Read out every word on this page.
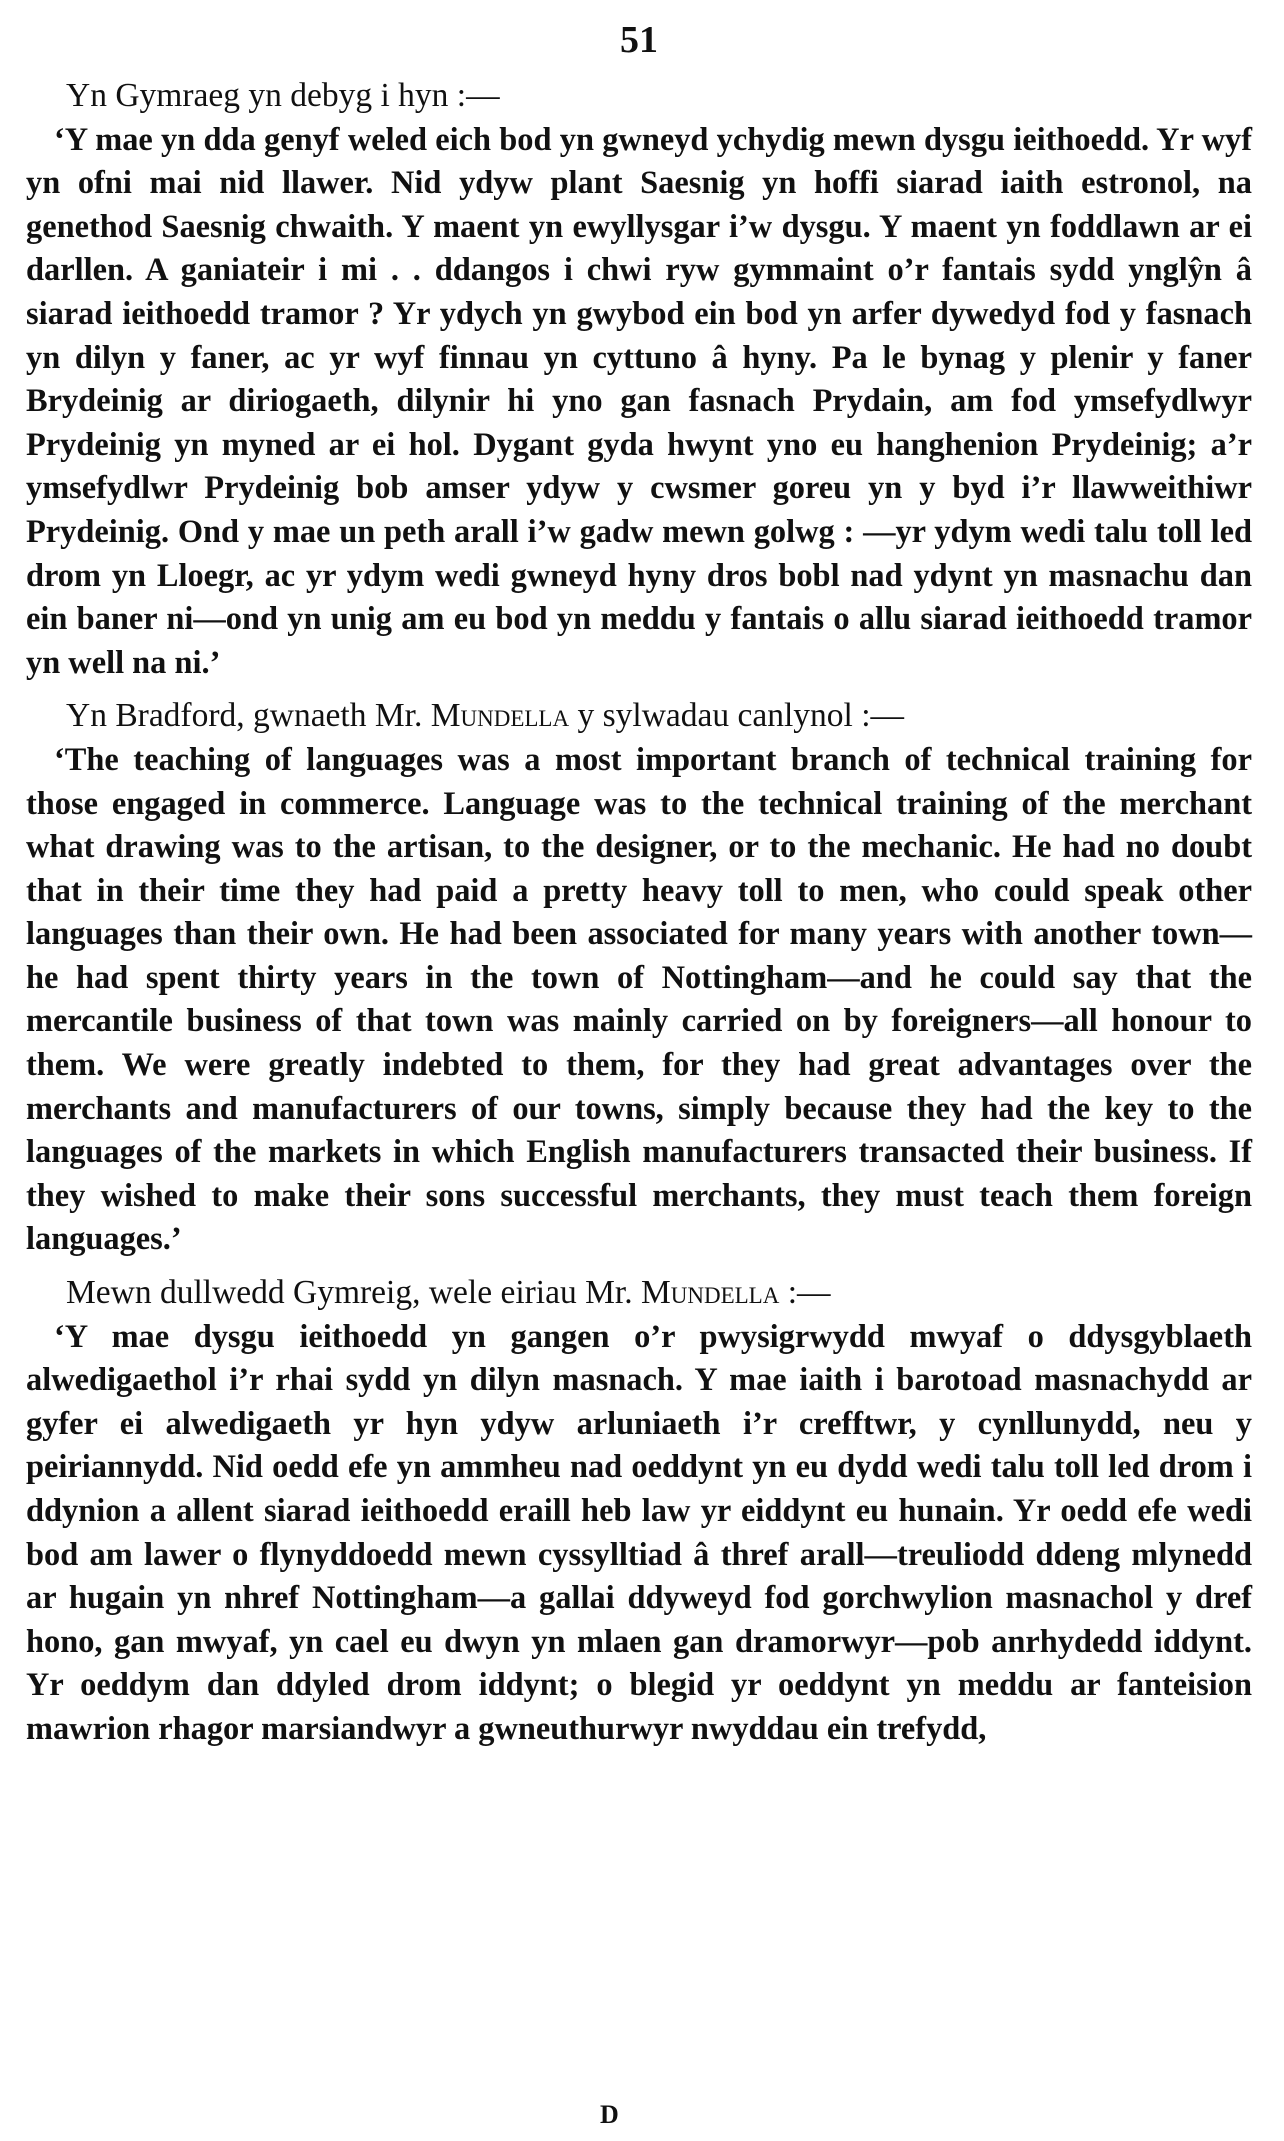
51

Yn Gymraeg yn debyg i hyn :—

‘Y mae yn dda genyf weled eich bod yn gwneyd ychydig mewn dysgu ieithoedd. Yr wyf yn ofni mai nid llawer. Nid ydyw plant Saesnig yn hoffi siarad iaith estronol, na genethod Saesnig chwaith. Y maent yn ewyllysgar i’w dysgu. Y maent yn foddlawn ar ei darllen. A ganiateir i mi . . ddangos i chwi ryw gymmaint o’r fantais sydd ynglŷn â siarad ieithoedd tramor ? Yr ydych yn gwybod ein bod yn arfer dywedyd fod y fasnach yn dilyn y faner, ac yr wyf finnau yn cyttuno â hyny. Pa le bynag y plenir y faner Brydeinig ar diriogaeth, dilynir hi yno gan fasnach Prydain, am fod ymsefydlwyr Prydeinig yn myned ar ei hol. Dygant gyda hwynt yno eu hanghenion Prydeinig; a’r ymsefydlwr Prydeinig bob amser ydyw y cwsmer goreu yn y byd i’r llawweithiwr Prydeinig. Ond y mae un peth arall i’w gadw mewn golwg : —yr ydym wedi talu toll led drom yn Lloegr, ac yr ydym wedi gwneyd hyny dros bobl nad ydynt yn masnachu dan ein baner ni—ond yn unig am eu bod yn meddu y fantais o allu siarad ieithoedd tramor yn well na ni.’

Yn Bradford, gwnaeth Mr. Mundella y sylwadau canlynol :—

‘The teaching of languages was a most important branch of technical training for those engaged in commerce. Language was to the technical training of the merchant what drawing was to the artisan, to the designer, or to the mechanic. He had no doubt that in their time they had paid a pretty heavy toll to men, who could speak other languages than their own. He had been associated for many years with another town—he had spent thirty years in the town of Nottingham—and he could say that the mercantile business of that town was mainly carried on by foreigners—all honour to them. We were greatly indebted to them, for they had great advantages over the merchants and manufacturers of our towns, simply because they had the key to the languages of the markets in which English manufacturers transacted their business. If they wished to make their sons successful merchants, they must teach them foreign languages.’

Mewn dullwedd Gymreig, wele eiriau Mr. Mundella :—

‘Y mae dysgu ieithoedd yn gangen o’r pwysigrwydd mwyaf o ddysgyblaeth alwedigaethol i’r rhai sydd yn dilyn masnach. Y mae iaith i barotoad masnachydd ar gyfer ei alwedigaeth yr hyn ydyw arluniaeth i’r crefftwr, y cynllunydd, neu y peiriannydd. Nid oedd efe yn ammheu nad oeddynt yn eu dydd wedi talu toll led drom i ddynion a allent siarad ieithoedd eraill heb law yr eiddynt eu hunain. Yr oedd efe wedi bod am lawer o flynyddoedd mewn cyssylltiad â thref arall—treuliodd ddeng mlynedd ar hugain yn nhref Nottingham—a gallai ddyweyd fod gorchwylion masnachol y dref hono, gan mwyaf, yn cael eu dwyn yn mlaen gan dramorwyr—pob anrhydedd iddynt. Yr oeddym dan ddyled drom iddynt; o blegid yr oeddynt yn meddu ar fanteision mawrion rhagor marsiandwyr a gwneuthurwyr nwyddau ein trefydd,

D
